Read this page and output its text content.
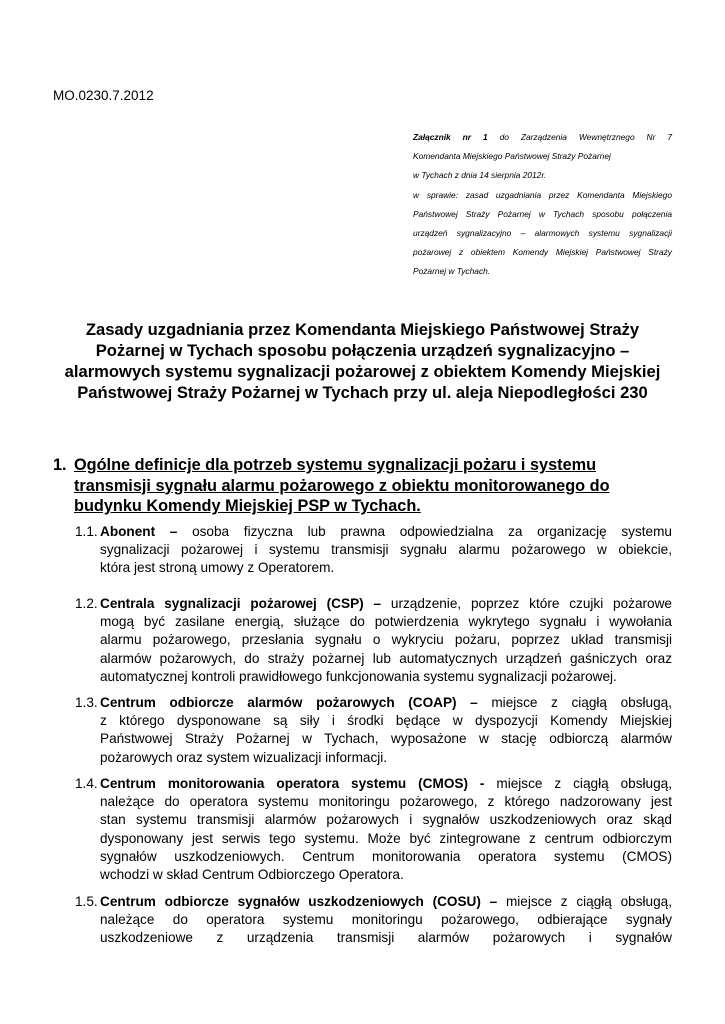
MO.0230.7.2012
Załącznik nr 1 do Zarządzenia Wewnętrznego Nr 7
Komendanta Miejskiego Państwowej Straży Pożarnej
w Tychach z dnia 14 sierpnia 2012r.
w sprawie: zasad uzgadniania przez Komendanta Miejskiego
Państwowej Straży Pożarnej w Tychach sposobu połączenia
urządzeń sygnalizacyjno – alarmowych systemu sygnalizacji
pożarowej z obiektem Komendy Miejskiej Państwowej Straży
Pożarnej w Tychach.
Zasady uzgadniania przez Komendanta Miejskiego Państwowej Straży
Pożarnej w Tychach sposobu połączenia urządzeń sygnalizacyjno –
alarmowych systemu sygnalizacji pożarowej z obiektem Komendy Miejskiej
Państwowej Straży Pożarnej w Tychach przy ul. aleja Niepodległości 230
1. Ogólne definicje dla potrzeb systemu sygnalizacji pożaru i systemu
transmisji sygnału alarmu pożarowego z obiektu monitorowanego do
budynku Komendy Miejskiej PSP w Tychach.
1.1. Abonent – osoba fizyczna lub prawna odpowiedzialna za organizację systemu
sygnalizacji pożarowej i systemu transmisji sygnału alarmu pożarowego w obiekcie,
która jest stroną umowy z Operatorem.
1.2. Centrala sygnalizacji pożarowej (CSP) – urządzenie, poprzez które czujki pożarowe
mogą być zasilane energią, służące do potwierdzenia wykrytego sygnału i wywołania
alarmu pożarowego, przesłania sygnału o wykryciu pożaru, poprzez układ transmisji
alarmów pożarowych, do straży pożarnej lub automatycznych urządzeń gaśniczych oraz
automatycznej kontroli prawidłowego funkcjonowania systemu sygnalizacji pożarowej.
1.3. Centrum odbiorcze alarmów pożarowych (COAP) – miejsce z ciągłą obsługą,
z którego dysponowane są siły i środki będące w dyspozycji Komendy Miejskiej
Państwowej Straży Pożarnej w Tychach, wyposażone w stację odbiorczą alarmów
pożarowych oraz system wizualizacji informacji.
1.4. Centrum monitorowania operatora systemu (CMOS) - miejsce z ciągłą obsługą,
należące do operatora systemu monitoringu pożarowego, z którego nadzorowany jest
stan systemu transmisji alarmów pożarowych i sygnałów uszkodzeniowych oraz skąd
dysponowany jest serwis tego systemu. Może być zintegrowane z centrum odbiorczym
sygnałów uszkodzeniowych. Centrum monitorowania operatora systemu (CMOS)
wchodzi w skład Centrum Odbiorczego Operatora.
1.5. Centrum odbiorcze sygnałów uszkodzeniowych (COSU) – miejsce z ciągłą obsługą,
należące do operatora systemu monitoringu pożarowego, odbierające sygnały
uszkodzeniowe z urządzenia transmisji alarmów pożarowych i sygnałów
